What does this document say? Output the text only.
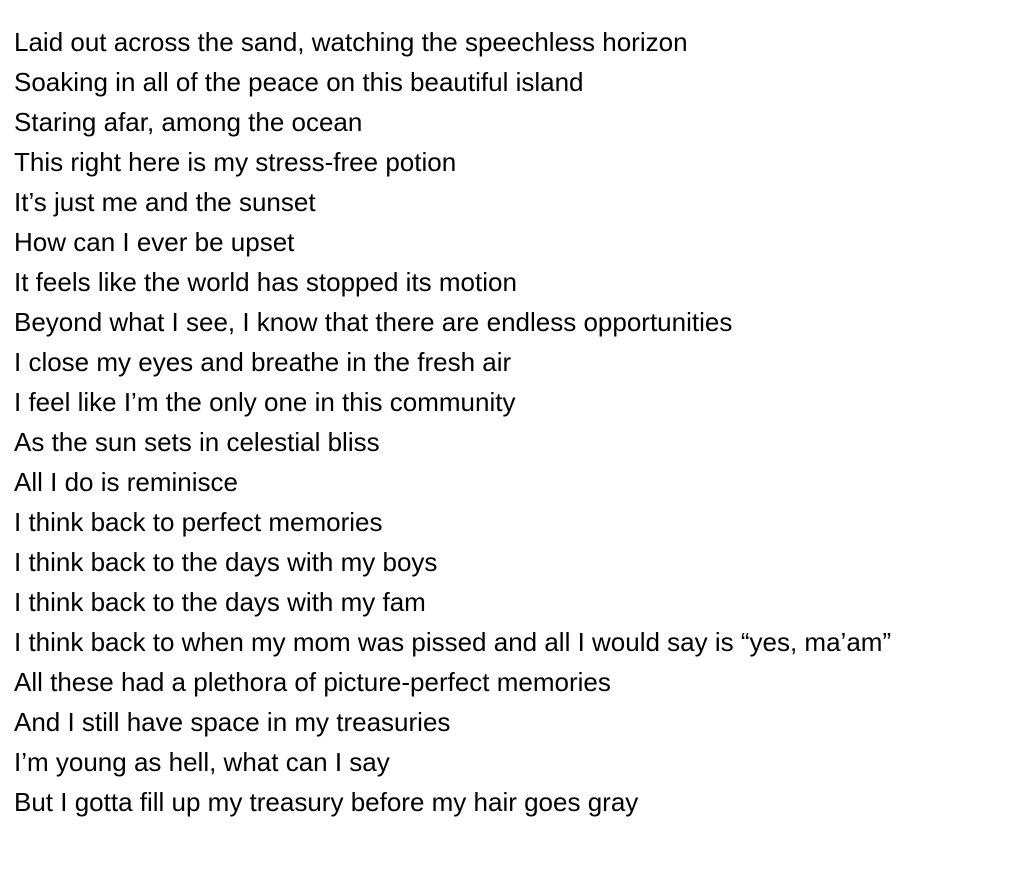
Laid out across the sand, watching the speechless horizon
Soaking in all of the peace on this beautiful island
Staring afar, among the ocean
This right here is my stress-free potion
It’s just me and the sunset
How can I ever be upset
It feels like the world has stopped its motion
Beyond what I see, I know that there are endless opportunities
I close my eyes and breathe in the fresh air
I feel like I’m the only one in this community
As the sun sets in celestial bliss
All I do is reminisce
I think back to perfect memories
I think back to the days with my boys
I think back to the days with my fam
I think back to when my mom was pissed and all I would say is “yes, ma’am”
All these had a plethora of picture-perfect memories
And I still have space in my treasuries
I’m young as hell, what can I say
But I gotta fill up my treasury before my hair goes gray
